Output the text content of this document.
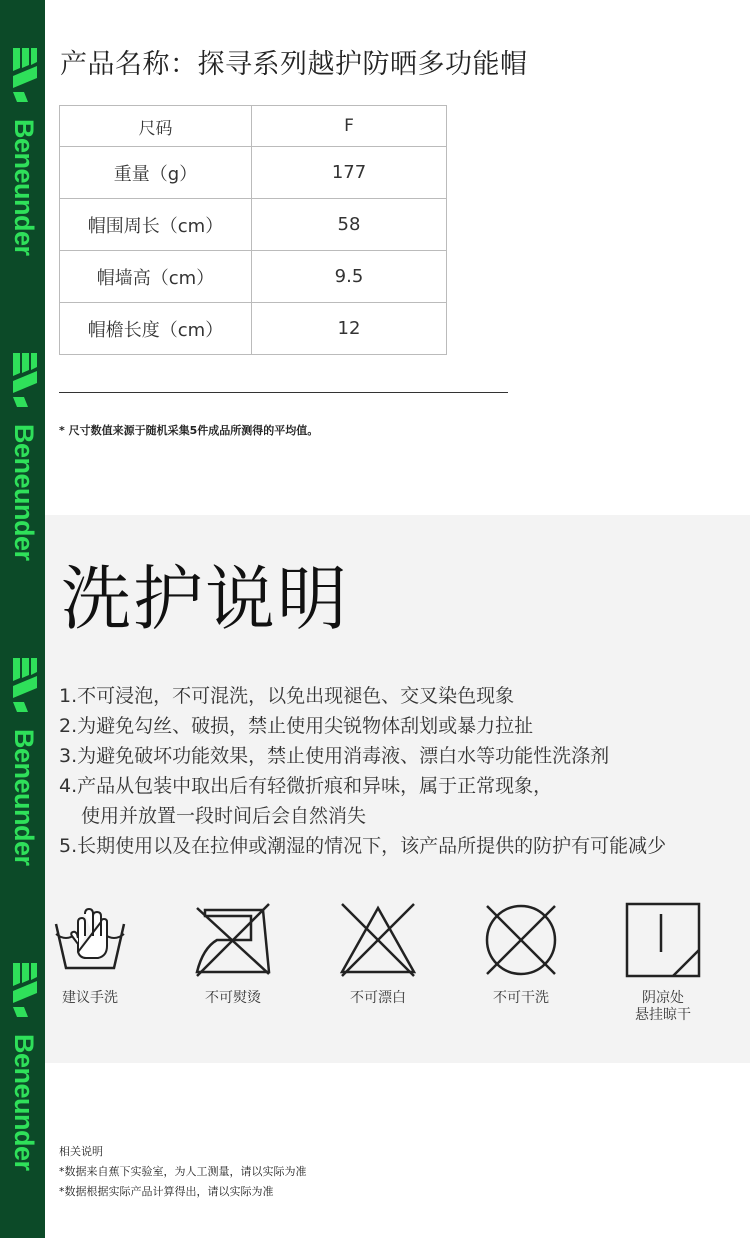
Beneunder
Beneunder
Beneunder
Beneunder
产品名称：探寻系列越护防晒多功能帽
尺码	F
重量（g）	177
帽围周长（cm）	58
帽墙高（cm）	9.5
帽檐长度（cm）	12
* 尺寸数值来源于随机采集5件成品所测得的平均值。
洗护说明
1.不可浸泡，不可混洗，以免出现褪色、交叉染色现象
2.为避免勾丝、破损，禁止使用尖锐物体刮划或暴力拉扯
3.为避免破坏功能效果，禁止使用消毒液、漂白水等功能性洗涤剂
4.产品从包装中取出后有轻微折痕和异味，属于正常现象，
使用并放置一段时间后会自然消失
5.长期使用以及在拉伸或潮湿的情况下，该产品所提供的防护有可能减少
建议手洗	不可熨烫	不可漂白	不可干洗	阴凉处
悬挂晾干
相关说明
*数据来自蕉下实验室，为人工测量，请以实际为准
*数据根据实际产品计算得出，请以实际为准
